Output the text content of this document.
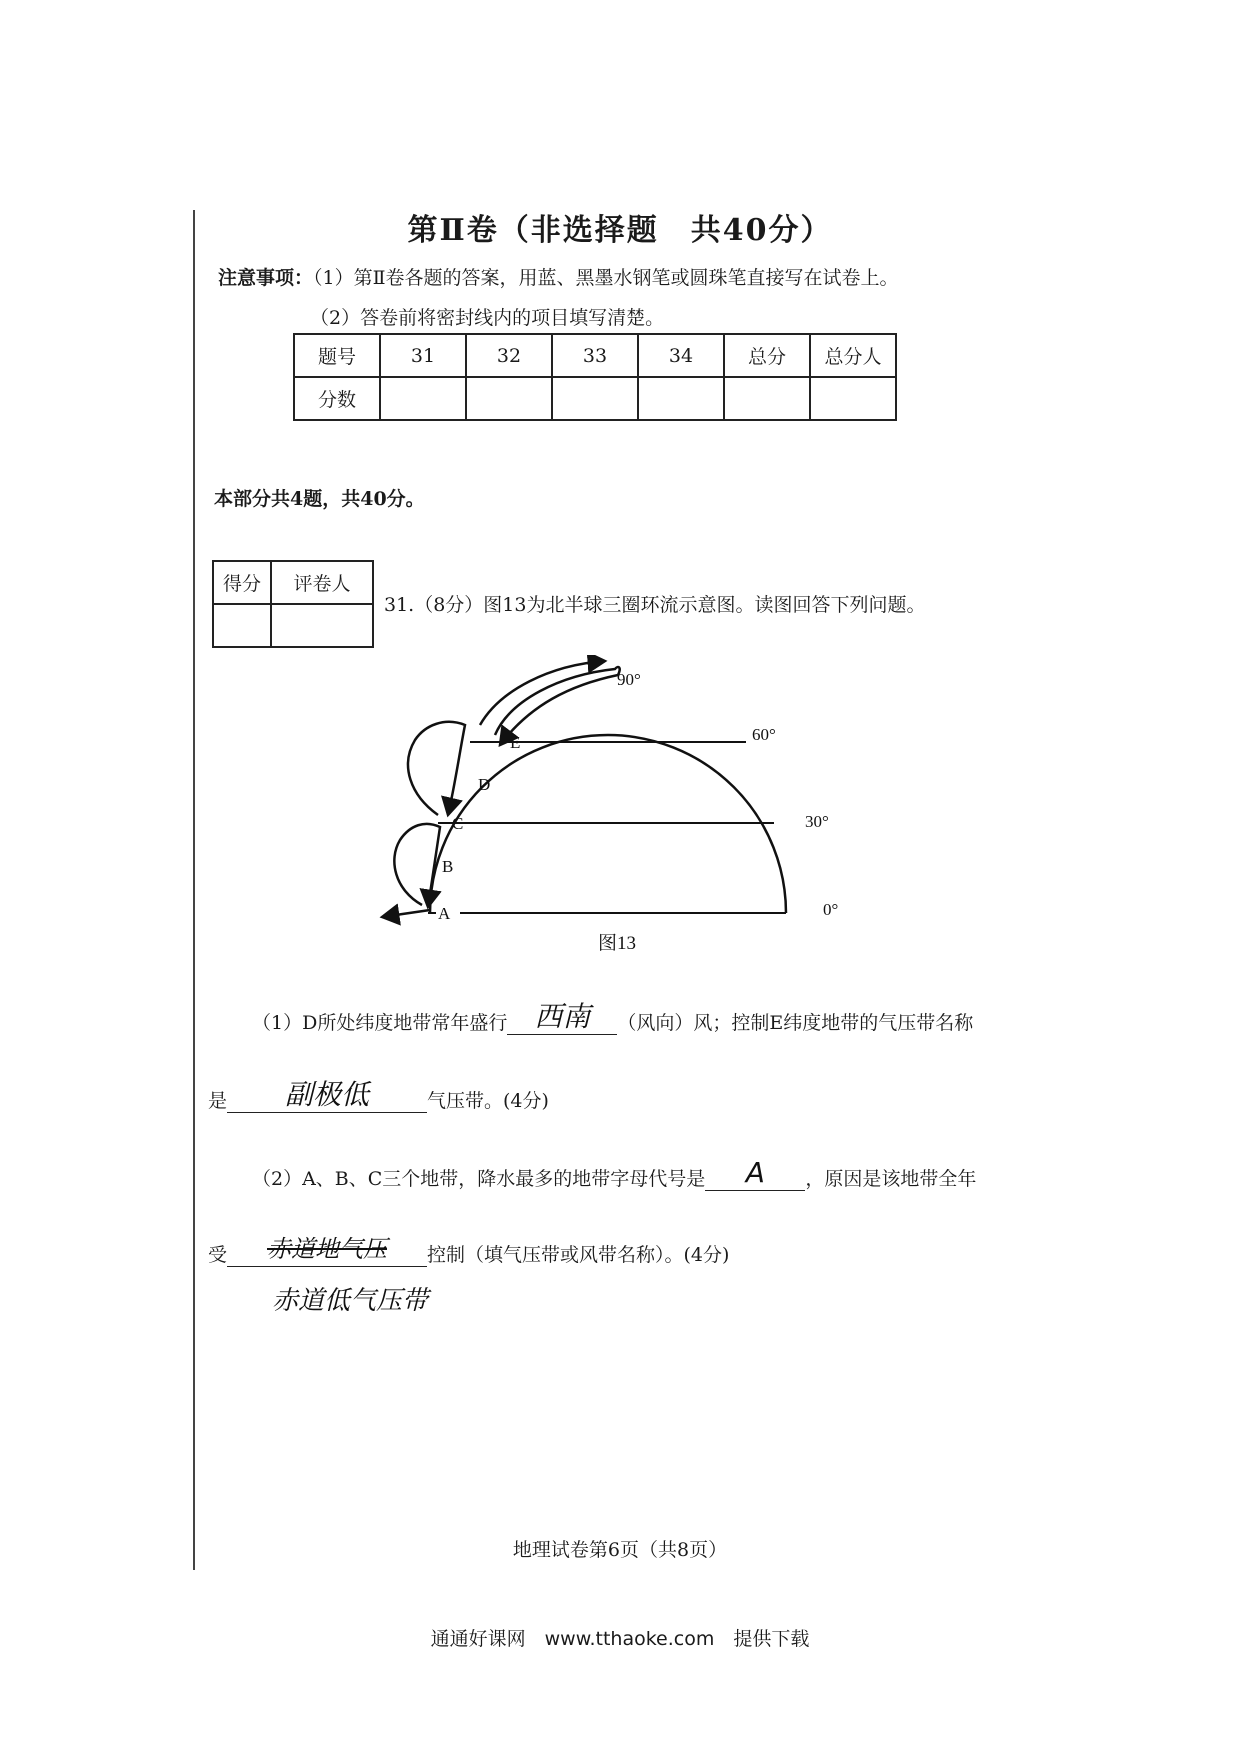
第Ⅱ卷（非选择题　共40分）
注意事项：（1）第Ⅱ卷各题的答案，用蓝、黑墨水钢笔或圆珠笔直接写在试卷上。
（2）答卷前将密封线内的项目填写清楚。
题号	31	32	33	34	总分	总分人
分数						
本部分共4题，共40分。
得分	评卷人

31.（8分）图13为北半球三圈环流示意图。读图回答下列问题。
90°
60°
30°
0°
E
D
C
B
A
图13
（1）D所处纬度地带常年盛行 西南 （风向）风；控制E纬度地带的气压带名称
是 副极低	气压带。(4分)
（2）A、B、C三个地带，降水最多的地带字母代号是 A ，原因是该地带全年
受 赤道地气压 控制（填气压带或风带名称）。(4分)
赤道低气压带
地理试卷第6页（共8页）
通通好课网　www.tthaoke.com　提供下载
